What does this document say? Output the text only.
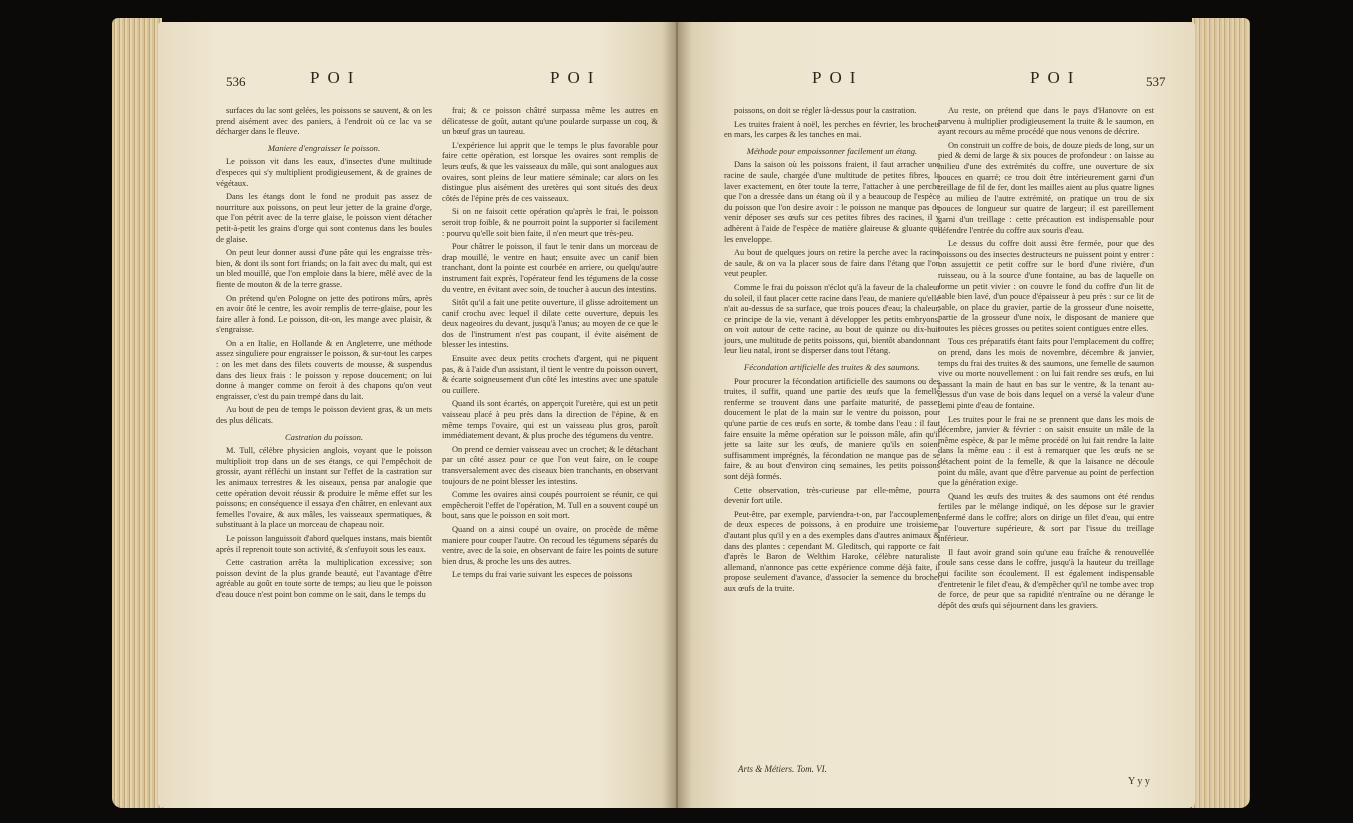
536	POI	POI

surfaces du lac sont gelées, les poissons se sauvent, & on les prend aisément avec des paniers, à l'endroit où ce lac va se décharger dans le fleuve.

Maniere d'engraisser le poisson.

Le poisson vit dans les eaux, d'insectes d'une multitude d'especes qui s'y multiplient prodigieusement, & de graines de végétaux.

Dans les étangs dont le fond ne produit pas assez de nourriture aux poissons, on peut leur jetter de la graine d'orge, que l'on pétrit avec de la terre glaise, le poisson vient détacher petit-à-petit les grains d'orge qui sont contenus dans les boules de glaise.

On peut leur donner aussi d'une pâte qui les engraisse très-bien, & dont ils sont fort friands; on la fait avec du malt, qui est un bled mouillé, que l'on emploie dans la biere, mêlé avec de la fiente de mouton & de la terre grasse.

On prétend qu'en Pologne on jette des potirons mûrs, après en avoir ôté le centre, les avoir remplis de terre-glaise, pour les faire aller à fond. Le poisson, dit-on, les mange avec plaisir, & s'engraisse.

On a en Italie, en Hollande & en Angleterre, une méthode assez singuliere pour engraisser le poisson, & sur-tout les carpes : on les met dans des filets couverts de mousse, & suspendus dans des lieux frais : le poisson y repose doucement; on lui donne à manger comme on feroit à des chapons qu'on veut engraisser, c'est du pain trempé dans du lait.

Au bout de peu de temps le poisson devient gras, & un mets des plus délicats.

Castration du poisson.

M. Tull, célèbre physicien anglois, voyant que le poisson multiplioit trop dans un de ses étangs, ce qui l'empêchoit de grossir, ayant réfléchi un instant sur l'effet de la castration sur les animaux terrestres & les oiseaux, pensa par analogie que cette opération devoit réussir & produire le même effet sur les poissons; en conséquence il essaya d'en châtrer, en enlevant aux femelles l'ovaire, & aux mâles, les vaisseaux spermatiques, & substituant à la place un morceau de chapeau noir.

Le poisson languissoit d'abord quelques instans, mais bientôt après il reprenoit toute son activité, & s'enfuyoit sous les eaux.

Cette castration arrêta la multiplication excessive; son poisson devint de la plus grande beauté, eut l'avantage d'être agréable au goût en toute sorte de temps; au lieu que le poisson d'eau douce n'est point bon comme on le sait, dans le temps du

frai; & ce poisson châtré surpassa même les autres en délicatesse de goût, autant qu'une poularde surpasse un coq, & un bœuf gras un taureau.

L'expérience lui apprit que le temps le plus favorable pour faire cette opération, est lorsque les ovaires sont remplis de leurs œufs, & que les vaisseaux du mâle, qui sont analogues aux ovaires, sont pleins de leur matiere séminale; car alors on les distingue plus aisément des uretères qui sont situés des deux côtés de l'épine près de ces vaisseaux.

Si on ne faisoit cette opération qu'après le frai, le poisson seroit trop foible, & ne pourroit point la supporter si facilement : pourvu qu'elle soit bien faite, il n'en meurt que très-peu.

Pour châtrer le poisson, il faut le tenir dans un morceau de drap mouillé, le ventre en haut; ensuite avec un canif bien tranchant, dont la pointe est courbée en arriere, ou quelqu'autre instrument fait exprès, l'opérateur fend les tégumens de la cosse du ventre, en évitant avec soin, de toucher à aucun des intestins.

Sitôt qu'il a fait une petite ouverture, il glisse adroitement un canif crochu avec lequel il dilate cette ouverture, depuis les deux nageoires du devant, jusqu'à l'anus; au moyen de ce que le dos de l'instrument n'est pas coupant, il évite aisément de blesser les intestins.

Ensuite avec deux petits crochets d'argent, qui ne piquent pas, & à l'aide d'un assistant, il tient le ventre du poisson ouvert, & écarte soigneusement d'un côté les intestins avec une spatule ou cuillere.

Quand ils sont écartés, on apperçoit l'uretère, qui est un petit vaisseau placé à peu près dans la direction de l'épine, & en même temps l'ovaire, qui est un vaisseau plus gros, paroît immédiatement devant, & plus proche des tégumens du ventre.

On prend ce dernier vaisseau avec un crochet; & le détachant par un côté assez pour ce que l'on veut faire, on le coupe transversalement avec des ciseaux bien tranchants, en observant toujours de ne point blesser les intestins.

Comme les ovaires ainsi coupés pourroient se réunir, ce qui empêcheroit l'effet de l'opération, M. Tull en a souvent coupé un bout, sans que le poisson en soit mort.

Quand on a ainsi coupé un ovaire, on procède de même maniere pour couper l'autre. On recoud les tégumens séparés du ventre, avec de la soie, en observant de faire les points de suture bien drus, & proche les uns des autres.

Le temps du frai varie suivant les especes de poissons

POI	POI	537

poissons, on doit se régler là-dessus pour la castration.

Les truites fraient à noël, les perches en février, les brochets en mars, les carpes & les tanches en mai.

Méthode pour empoissonner facilement un étang.

Dans la saison où les poissons fraient, il faut arracher une racine de saule, chargée d'une multitude de petites fibres, la laver exactement, en ôter toute la terre, l'attacher à une perche que l'on a dressée dans un étang où il y a beaucoup de l'espèce du poisson que l'on desire avoir : le poisson ne manque pas de venir déposer ses œufs sur ces petites fibres des racines, il y adhèrent à l'aide de l'espèce de matière glaireuse & gluante qui les enveloppe.

Au bout de quelques jours on retire la perche avec la racine de saule, & on va la placer sous de faire dans l'étang que l'on veut peupler.

Comme le frai du poisson n'éclot qu'à la faveur de la chaleur du soleil, il faut placer cette racine dans l'eau, de maniere qu'elle n'ait au-dessus de sa surface, que trois pouces d'eau; la chaleur, ce principe de la vie, venant à développer les petits embryons, on voit autour de cette racine, au bout de quinze ou dix-huit jours, une multitude de petits poissons, qui, bientôt abandonnant leur lieu natal, iront se disperser dans tout l'étang.

Fécondation artificielle des truites & des saumons.

Pour procurer la fécondation artificielle des saumons ou des truites, il suffit, quand une partie des œufs que la femelle renferme se trouvent dans une parfaite maturité, de passer doucement le plat de la main sur le ventre du poisson, pour qu'une partie de ces œufs en sorte, & tombe dans l'eau : il faut faire ensuite la même opération sur le poisson mâle, afin qu'il jette sa laite sur les œufs, de maniere qu'ils en soient suffisamment imprégnés, la fécondation ne manque pas de se faire, & au bout d'environ cinq semaines, les petits poissons sont déjà formés.

Cette observation, très-curieuse par elle-même, pourra devenir fort utile.

Peut-être, par exemple, parviendra-t-on, par l'accouplement de deux especes de poissons, à en produire une troisieme, d'autant plus qu'il y en a des exemples dans d'autres animaux & dans des plantes : cependant M. Gleditsch, qui rapporte ce fait d'après le Baron de Welthim Haroke, célèbre naturaliste allemand, n'annonce pas cette expérience comme déjà faite, il propose seulement d'avance, d'associer la semence du brochet aux œufs de la truite.

Au reste, on prétend que dans le pays d'Hanovre on est parvenu à multiplier prodigieusement la truite & le saumon, en ayant recours au même procédé que nous venons de décrire.

On construit un coffre de bois, de douze pieds de long, sur un pied & demi de large & six pouces de profondeur : on laisse au milieu d'une des extrémités du coffre, une ouverture de six pouces en quarré; ce trou doit être intérieurement garni d'un treillage de fil de fer, dont les mailles aient au plus quatre lignes : au milieu de l'autre extrémité, on pratique un trou de six pouces de longueur sur quatre de largeur; il est pareillement garni d'un treillage : cette précaution est indispensable pour défendre l'entrée du coffre aux souris d'eau.

Le dessus du coffre doit aussi être fermée, pour que des poissons ou des insectes destructeurs ne puissent point y entrer : on assujettit ce petit coffre sur le bord d'une rivière, d'un ruisseau, ou à la source d'une fontaine, au bas de laquelle on forme un petit vivier : on couvre le fond du coffre d'un lit de sable bien lavé, d'un pouce d'épaisseur à peu près : sur ce lit de sable, on place du gravier, partie de la grosseur d'une noisette, partie de la grosseur d'une noix, le disposant de maniere que toutes les pièces grosses ou petites soient contigues entre elles.

Tous ces préparatifs étant faits pour l'emplacement du coffre; on prend, dans les mois de novembre, décembre & janvier, temps du frai des truites & des saumons, une femelle de saumon vive ou morte nouvellement : on lui fait rendre ses œufs, en lui passant la main de haut en bas sur le ventre, & la tenant au-dessus d'un vase de bois dans lequel on a versé la valeur d'une demi pinte d'eau de fontaine.

Les truites pour le frai ne se prennent que dans les mois de décembre, janvier & février : on saisit ensuite un mâle de la même espèce, & par le même procédé on lui fait rendre la laite dans la même eau : il est à remarquer que les œufs ne se détachent point de la femelle, & que la laisance ne découle point du mâle, avant que d'être parvenue au point de perfection que la génération exige.

Quand les œufs des truites & des saumons ont été rendus fertiles par le mélange indiqué, on les dépose sur le gravier enfermé dans le coffre; alors on dirige un filet d'eau, qui entre par l'ouverture supérieure, & sort par l'issue du treillage inférieur.

Il faut avoir grand soin qu'une eau fraîche & renouvellée coule sans cesse dans le coffre, jusqu'à la hauteur du treillage qui facilite son écoulement. Il est également indispensable d'entretenir le filet d'eau, & d'empêcher qu'il ne tombe avec trop de force, de peur que sa rapidité n'entraîne ou ne dérange le dépôt des œufs qui séjournent dans les graviers.

Arts & Métiers. Tom. VI.
Y y y
